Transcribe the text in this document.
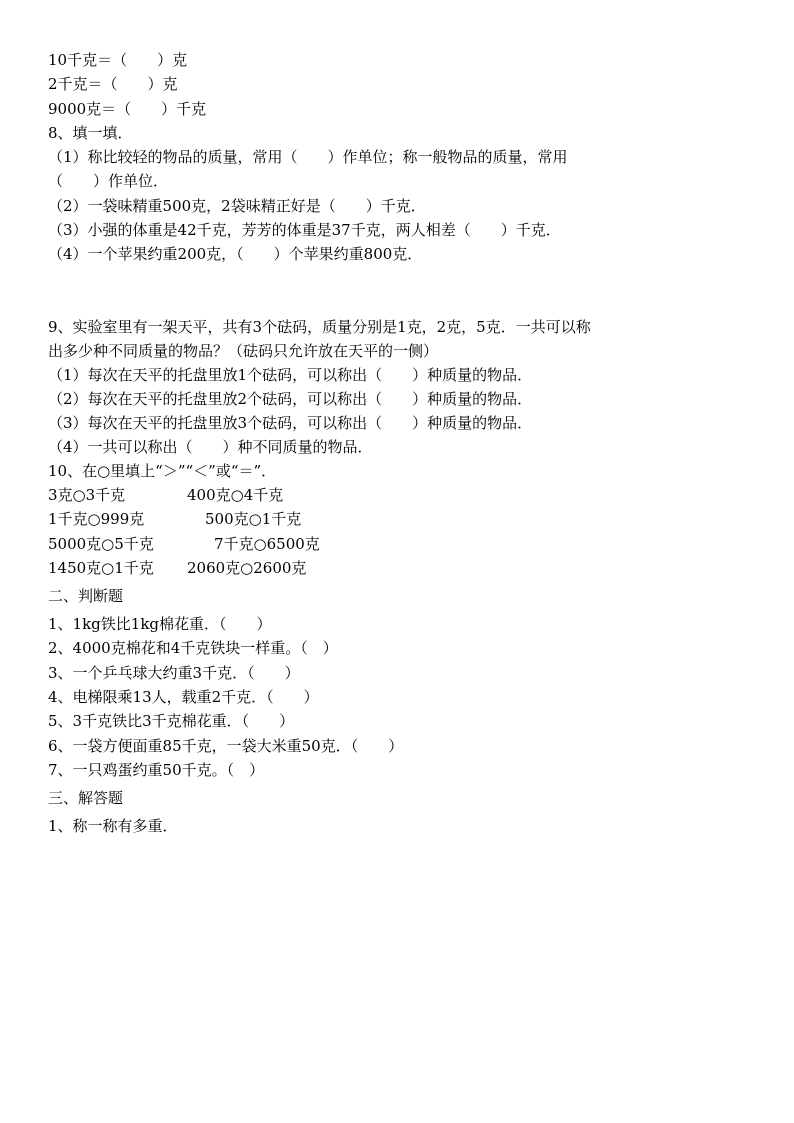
10千克＝（　　）克
2千克＝（　　）克
9000克＝（　　）千克
8、填一填．
（1）称比较轻的物品的质量，常用（　　）作单位；称一般物品的质量，常用
（　　）作单位．
（2）一袋味精重500克，2袋味精正好是（　　）千克．
（3）小强的体重是42千克，芳芳的体重是37千克，两人相差（　　）千克．
（4）一个苹果约重200克，（　　）个苹果约重800克．
9、实验室里有一架天平，共有3个砝码，质量分别是1克，2克，5克．一共可以称
出多少种不同质量的物品？（砝码只允许放在天平的一侧）
（1）每次在天平的托盘里放1个砝码，可以称出（　　）种质量的物品．
（2）每次在天平的托盘里放2个砝码，可以称出（　　）种质量的物品．
（3）每次在天平的托盘里放3个砝码，可以称出（　　）种质量的物品．
（4）一共可以称出（　　）种不同质量的物品．
10、在○里填上“＞”“＜”或“＝”．
3克○3千克	400克○4千克
1千克○999克	500克○1千克
5000克○5千克	7千克○6500克
1450克○1千克	2060克○2600克
二、判断题
1、1kg铁比1kg棉花重．（　　）
2、4000克棉花和4千克铁块一样重。（　）
3、一个乒乓球大约重3千克．（　　）
4、电梯限乘13人，载重2千克．（　　）
5、3千克铁比3千克棉花重．（　　）
6、一袋方便面重85千克，一袋大米重50克．（　　）
7、一只鸡蛋约重50千克。（　）
三、解答题
1、称一称有多重．
